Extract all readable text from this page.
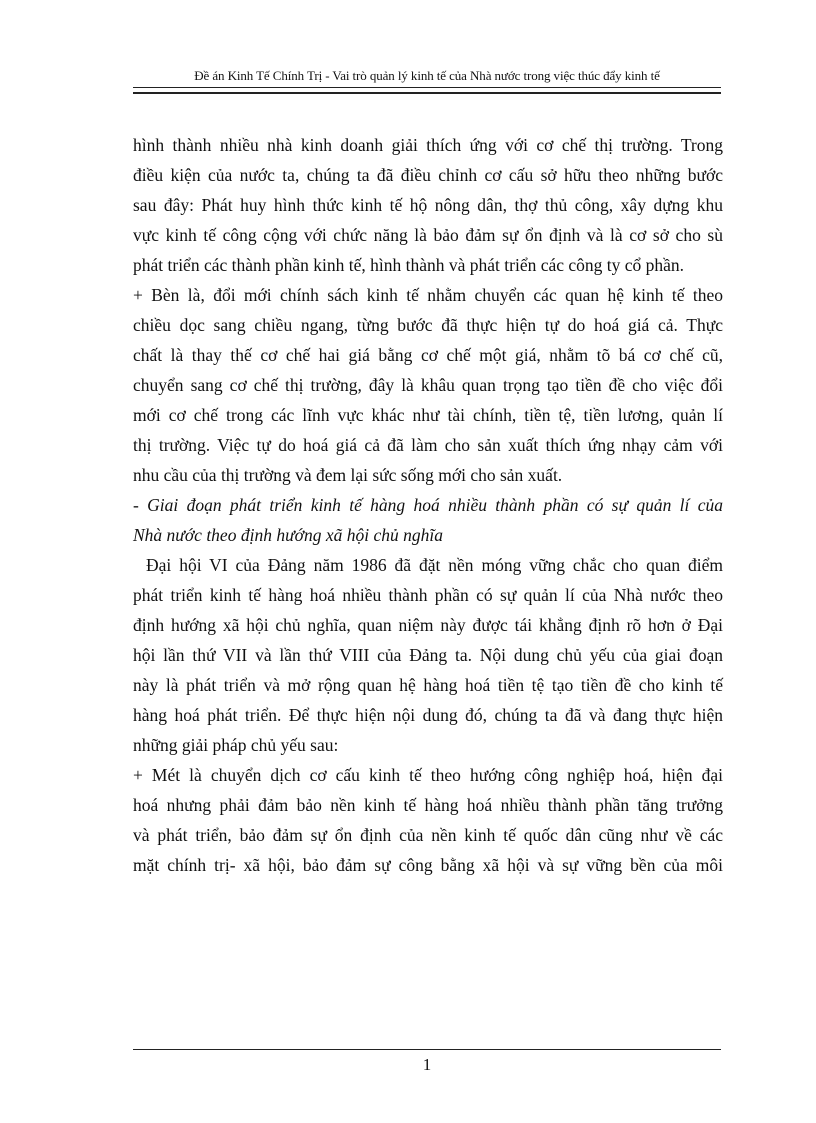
Đề án Kinh Tế Chính Trị - Vai trò quản lý kinh tế của Nhà nước trong việc thúc đẩy kinh tế
hình thành nhiều nhà kinh doanh giải thích ứng với cơ chế thị trường. Trong
điều kiện của nước ta, chúng ta đã điều chỉnh cơ cấu sở hữu theo những bước
sau đây: Phát huy hình thức kinh tế hộ nông dân, thợ thủ công, xây dựng khu
vực kinh tế công cộng với chức năng là bảo đảm sự ổn định và là cơ sở cho sù
phát triển các thành phần kinh tế, hình thành và phát triển các công ty cổ phần.
+ Bèn là, đổi mới chính sách kinh tế nhằm chuyển các quan hệ kinh tế theo
chiều dọc sang chiều ngang, từng bước đã thực hiện tự do hoá giá cả. Thực
chất là thay thế cơ chế hai giá bằng cơ chế một giá, nhằm tõ bá cơ chế cũ,
chuyển sang cơ chế thị trường, đây là khâu quan trọng tạo tiền đề cho việc đổi
mới cơ chế trong các lĩnh vực khác như tài chính, tiền tệ, tiền lương, quản lí
thị trường. Việc tự do hoá giá cả đã làm cho sản xuất thích ứng nhạy cảm với
nhu cầu của thị trường và đem lại sức sống mới cho sản xuất.
- Giai đoạn phát triển kinh tế hàng hoá nhiều thành phần có sự quản lí của
Nhà nước theo định hướng xã hội chủ nghĩa
Đại hội VI của Đảng năm 1986 đã đặt nền móng vững chắc cho quan điểm
phát triển kinh tế hàng hoá nhiều thành phần có sự quản lí của Nhà nước theo
định hướng xã hội chủ nghĩa, quan niệm này được tái khẳng định rõ hơn ở Đại
hội lần thứ VII và lần thứ VIII của Đảng ta. Nội dung chủ yếu của giai đoạn
này là phát triển và mở rộng quan hệ hàng hoá tiền tệ tạo tiền đề cho kinh tế
hàng hoá phát triển. Để thực hiện nội dung đó, chúng ta đã và đang thực hiện
những giải pháp chủ yếu sau:
+ Mét là chuyển dịch cơ cấu kinh tế theo hướng công nghiệp hoá, hiện đại
hoá nhưng phải đảm bảo nền kinh tế hàng hoá nhiều thành phần tăng trưởng
và phát triển, bảo đảm sự ổn định của nền kinh tế quốc dân cũng như về các
mặt chính trị- xã hội, bảo đảm sự công bằng xã hội và sự vững bền của môi
1
